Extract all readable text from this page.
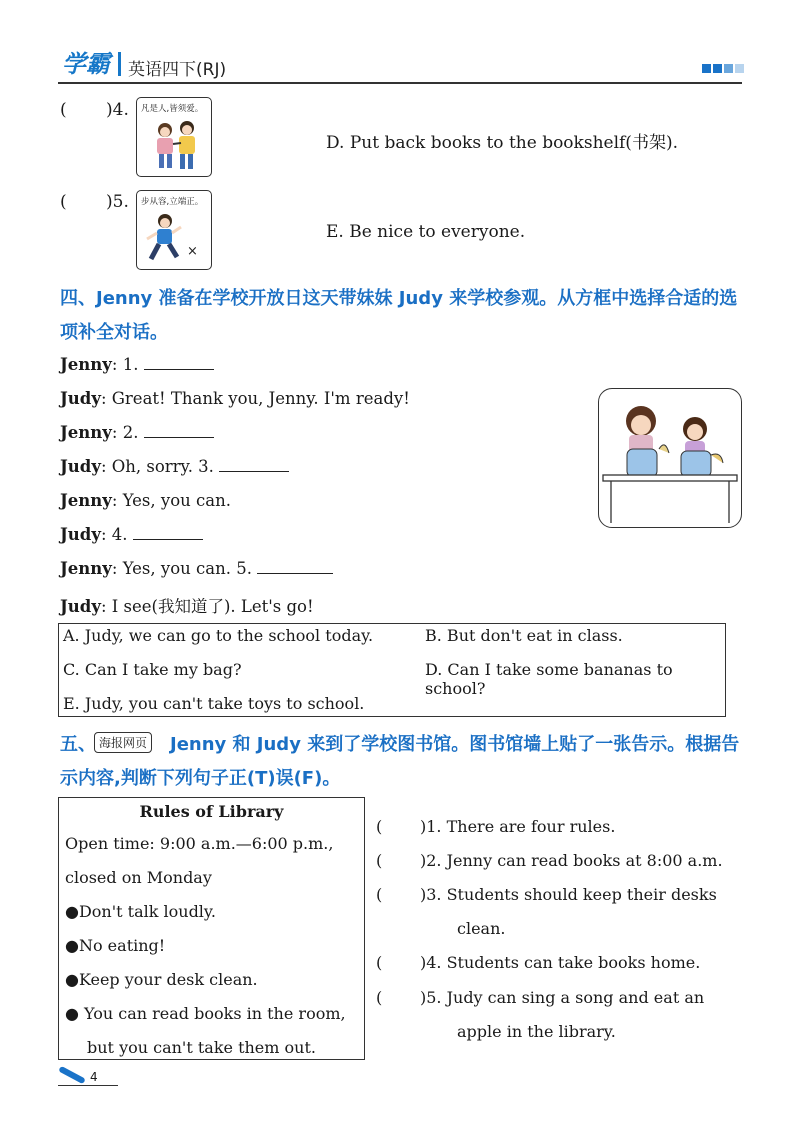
学霸 英语四下(RJ)
( )4. 凡是人,皆须爱。
D. Put back books to the bookshelf(书架).
( )5. 步从容,立端正。
×
E. Be nice to everyone.
四、Jenny 准备在学校开放日这天带妹妹 Judy 来学校参观。从方框中选择合适的选
项补全对话。
Jenny: 1.
Judy: Great! Thank you, Jenny. I'm ready!
Jenny: 2.
Judy: Oh, sorry. 3.
Jenny: Yes, you can.
Judy: 4.
Jenny: Yes, you can. 5.
Judy: I see(我知道了). Let's go!
A. Judy, we can go to the school today.	B. But don't eat in class.
C. Can I take my bag?	D. Can I take some bananas to school?
E. Judy, you can't take toys to school.
五、 海报网页 Jenny 和 Judy 来到了学校图书馆。图书馆墙上贴了一张告示。根据告
示内容,判断下列句子正(T)误(F)。
Rules of Library
Open time: 9:00 a.m.—6:00 p.m.,
closed on Monday
●Don't talk loudly.
●No eating!
●Keep your desk clean.
● You can read books in the room,
but you can't take them out.
( )1. There are four rules.
( )2. Jenny can read books at 8:00 a.m.
( )3. Students should keep their desks
clean.
( )4. Students can take books home.
( )5. Judy can sing a song and eat an
apple in the library.
4
